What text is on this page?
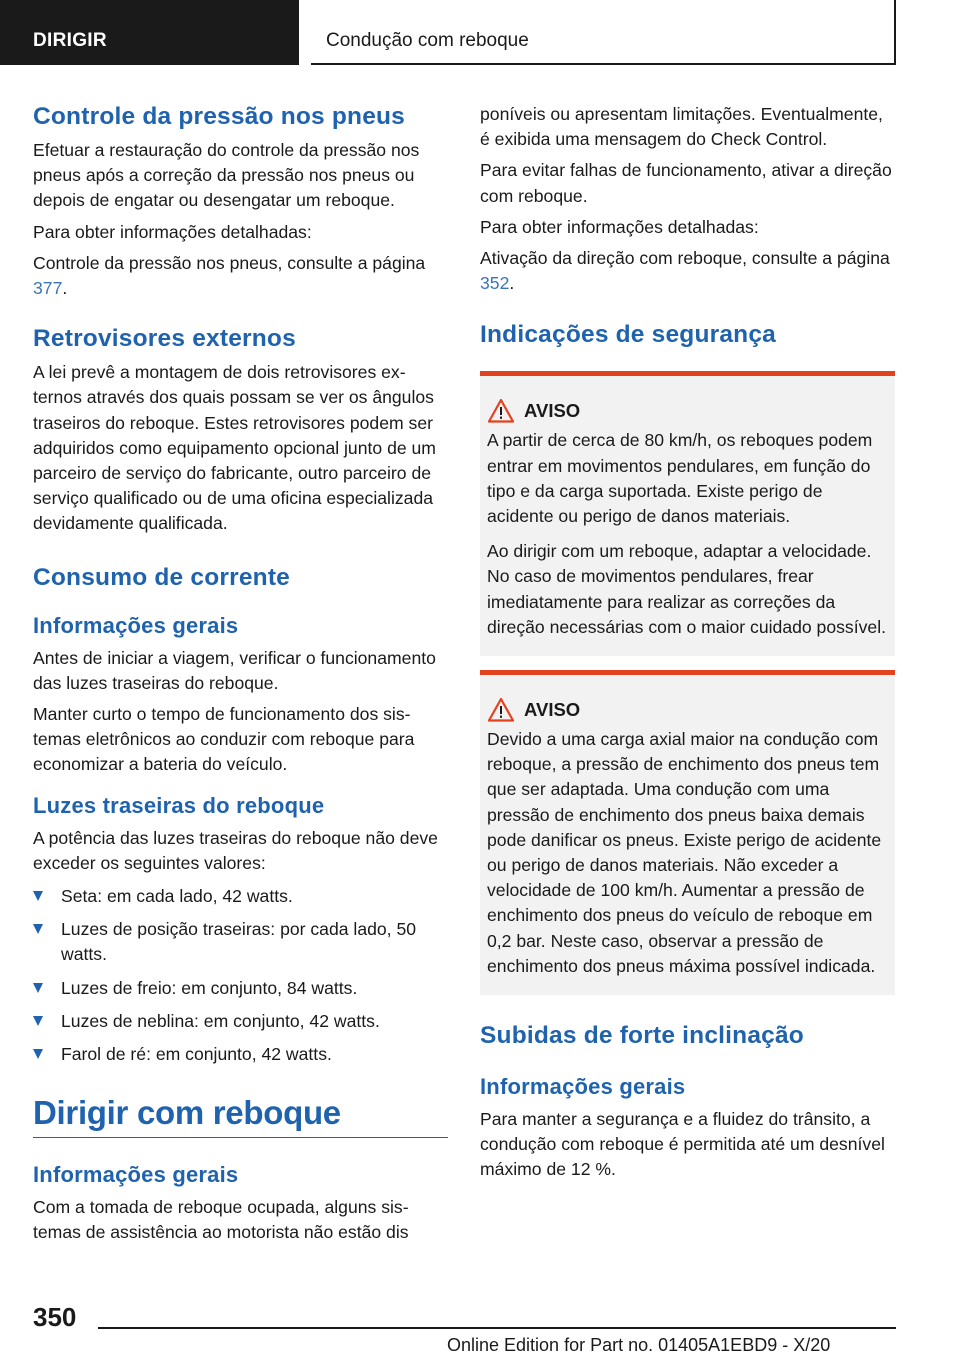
DIRIGIR	Condução com reboque
Controle da pressão nos pneus

Efetuar a restauração do controle da pressão nos pneus após a correção da pressão nos pneus ou depois de engatar ou desengatar um reboque.

Para obter informações detalhadas:

Controle da pressão nos pneus, consulte a página 377.

Retrovisores externos

A lei prevê a montagem de dois retrovisores externos através dos quais possam se ver os ângulos traseiros do reboque. Estes retrovisores podem ser adquiridos como equipamento opcional junto de um parceiro de serviço do fabricante, outro parceiro de serviço qualificado ou de uma oficina especializada devidamente qualificada.

Consumo de corrente
Informações gerais

Antes de iniciar a viagem, verificar o funcionamento das luzes traseiras do reboque.

Manter curto o tempo de funcionamento dos sistemas eletrônicos ao conduzir com reboque para economizar a bateria do veículo.

Luzes traseiras do reboque

A potência das luzes traseiras do reboque não deve exceder os seguintes valores:

Seta: em cada lado, 42 watts.
Luzes de posição traseiras: por cada lado, 50 watts.
Luzes de freio: em conjunto, 84 watts.
Luzes de neblina: em conjunto, 42 watts.
Farol de ré: em conjunto, 42 watts.
Dirigir com reboque
Informações gerais

Com a tomada de reboque ocupada, alguns sistemas de assistência ao motorista não estão dis

poníveis ou apresentam limitações. Eventualmente, é exibida uma mensagem do Check Control.

Para evitar falhas de funcionamento, ativar a direção com reboque.

Para obter informações detalhadas:

Ativação da direção com reboque, consulte a página 352.

Indicações de segurança
AVISO

A partir de cerca de 80 km/h, os reboques podem entrar em movimentos pendulares, em função do tipo e da carga suportada. Existe perigo de acidente ou perigo de danos materiais.

Ao dirigir com um reboque, adaptar a velocidade. No caso de movimentos pendulares, frear imediatamente para realizar as correções da direção necessárias com o maior cuidado possível.

AVISO

Devido a uma carga axial maior na condução com reboque, a pressão de enchimento dos pneus tem que ser adaptada. Uma condução com uma pressão de enchimento dos pneus baixa demais pode danificar os pneus. Existe perigo de acidente ou perigo de danos materiais. Não exceder a velocidade de 100 km/h. Aumentar a pressão de enchimento dos pneus do veículo de reboque em 0,2 bar. Neste caso, observar a pressão de enchimento dos pneus máxima possível indicada.

Subidas de forte inclinação
Informações gerais

Para manter a segurança e a fluidez do trânsito, a condução com reboque é permitida até um desnível máximo de 12 %.

350
Online Edition for Part no. 01405A1EBD9 - X/20
